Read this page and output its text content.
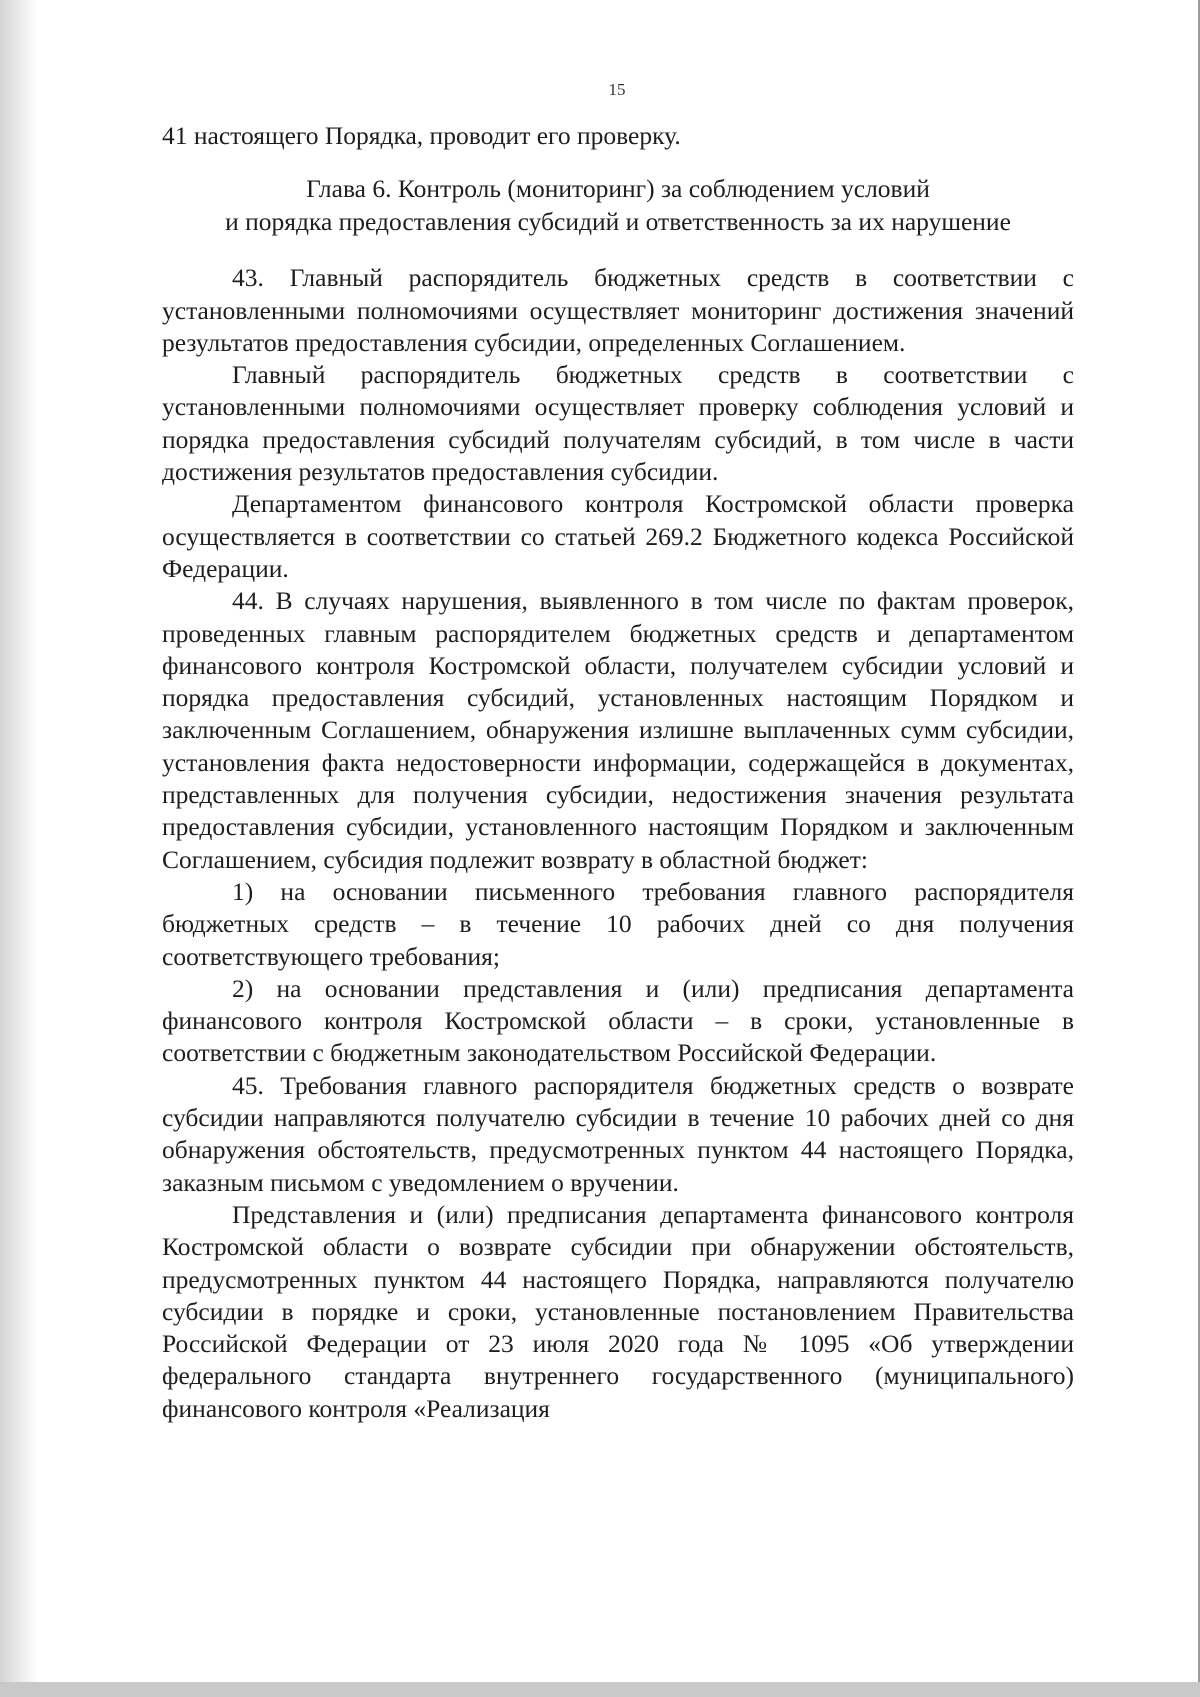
15

41 настоящего Порядка, проводит его проверку.

Глава 6. Контроль (мониторинг) за соблюдением условий
и порядка предоставления субсидий и ответственность за их нарушение

43. Главный распорядитель бюджетных средств в соответствии с установленными полномочиями осуществляет мониторинг достижения значений результатов предоставления субсидии, определенных Соглашением.

Главный распорядитель бюджетных средств в соответствии с установленными полномочиями осуществляет проверку соблюдения условий и порядка предоставления субсидий получателям субсидий, в том числе в части достижения результатов предоставления субсидии.

Департаментом финансового контроля Костромской области проверка осуществляется в соответствии со статьей 269.2 Бюджетного кодекса Российской Федерации.

44. В случаях нарушения, выявленного в том числе по фактам проверок, проведенных главным распорядителем бюджетных средств и департаментом финансового контроля Костромской области, получателем субсидии условий и порядка предоставления субсидий, установленных настоящим Порядком и заключенным Соглашением, обнаружения излишне выплаченных сумм субсидии, установления факта недостоверности информации, содержащейся в документах, представленных для получения субсидии, недостижения значения результата предоставления субсидии, установленного настоящим Порядком и заключенным Соглашением, субсидия подлежит возврату в областной бюджет:

1) на основании письменного требования главного распорядителя бюджетных средств – в течение 10 рабочих дней со дня получения соответствующего требования;

2) на основании представления и (или) предписания департамента финансового контроля Костромской области – в сроки, установленные в соответствии с бюджетным законодательством Российской Федерации.

45. Требования главного распорядителя бюджетных средств о возврате субсидии направляются получателю субсидии в течение 10 рабочих дней со дня обнаружения обстоятельств, предусмотренных пунктом 44 настоящего Порядка, заказным письмом с уведомлением о вручении.

Представления и (или) предписания департамента финансового контроля Костромской области о возврате субсидии при обнаружении обстоятельств, предусмотренных пунктом 44 настоящего Порядка, направляются получателю субсидии в порядке и сроки, установленные постановлением Правительства Российской Федерации от 23 июля 2020 года № 1095 «Об утверждении федерального стандарта внутреннего государственного (муниципального) финансового контроля «Реализация
